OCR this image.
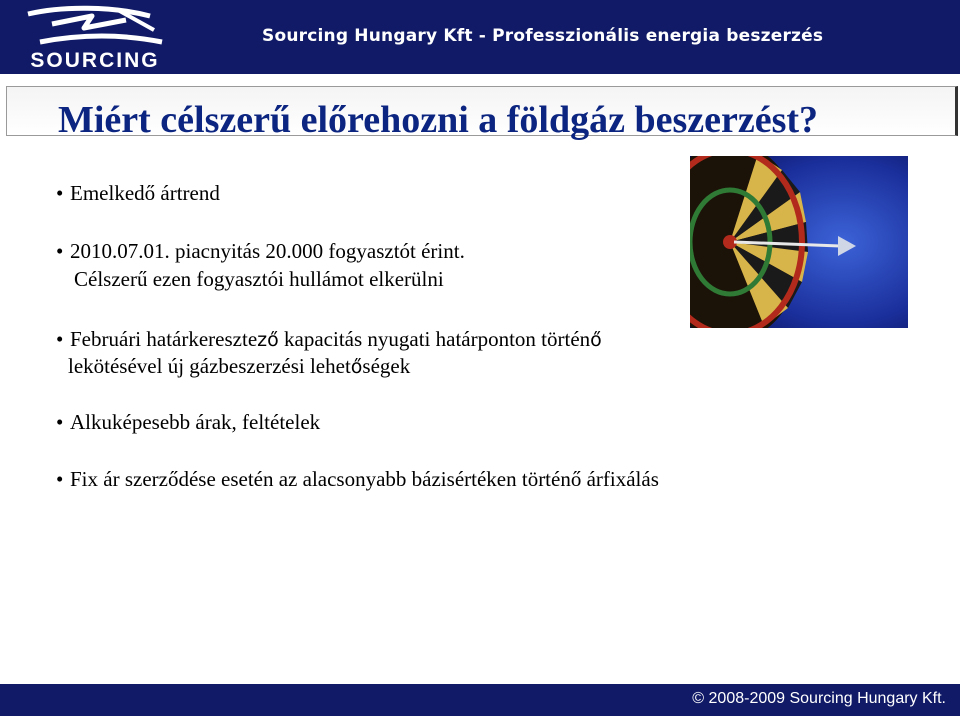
SOURCING
Sourcing Hungary Kft - Professzionális energia beszerzés
Miért célszerű előrehozni a földgáz beszerzést?
• Emelkedő ártrend
• 2010.07.01. piacnyitás 20.000 fogyasztót érint.
Célszerű ezen fogyasztói hullámot elkerülni
• Februári határkeresztező kapacitás nyugati határponton történő
lekötésével új gázbeszerzési lehetőségek
• Alkuképesebb árak, feltételek
• Fix ár szerződése esetén az alacsonyabb bázisértéken történő árfixálás
© 2008-2009 Sourcing Hungary Kft.
